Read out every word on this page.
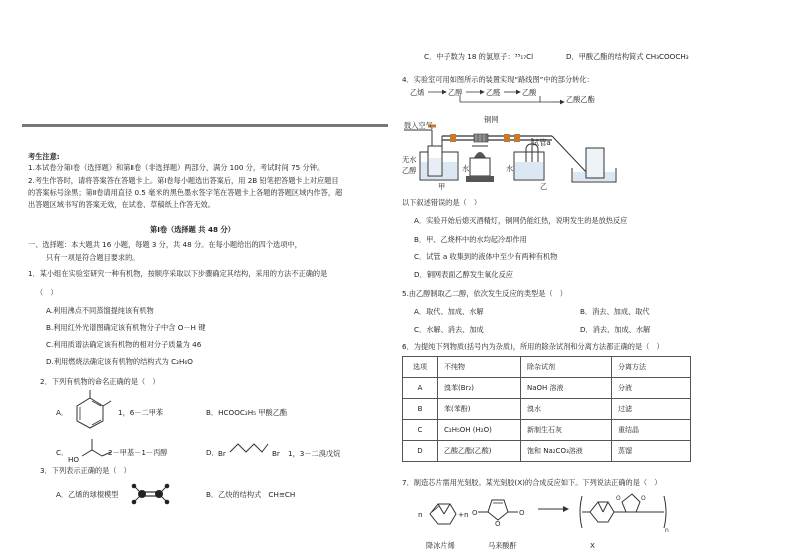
考生注意:
1.本试卷分第Ⅰ卷（选择题）和第Ⅱ卷（非选择题）两部分，满分 100 分，考试时间 75 分钟。
2.考生作答时，请将答案答在答题卡上。第Ⅰ卷每小题选出答案后，用 2B 铅笔把答题卡上对应题目
的答案标号涂黑；第Ⅱ卷请用直径 0.5 毫米的黑色墨水签字笔在答题卡上各题的答题区域内作答，超
出答题区域书写的答案无效，在试卷、草稿纸上作答无效。
第Ⅰ卷（选择题 共 48 分）
一、选择题：本大题共 16 小题，每题 3 分，共 48 分。在每小题给出的四个选项中，
只有一项是符合题目要求的。
1．某小组在实验室研究一种有机物，按顺序采取以下步骤确定其结构，采用的方法不正确的是
（　）
A.利用沸点不同蒸馏提纯该有机物
B.利用红外光谱图确定该有机物分子中含 O－H 键
C.利用质谱法确定该有机物的相对分子质量为 46
D.利用燃烧法确定该有机物的结构式为 C₂H₆O
2．下列有机物的命名正确的是（　）
A．	1，6－二甲苯	B．HCOOC₂H₅ 甲酸乙酯
C．
HO
2－甲基－1－丙醇	D． Br	Br 1，3－二溴戊烷
3．下列表示正确的是（　）
A．乙烯的球棍模型	B．乙炔的结构式　CH≡CH
C．中子数为 18 的氯原子：³⁵₁₇Cl	D．甲酸乙酯的结构简式 CH₃COOCH₃
4．实验室可用如图所示的装置实现“路线图”中的部分转化：
乙烯	乙醇	乙醛	乙酸
乙酸乙酯
鼓入空气
铜网
试管a
无水
乙醇	水	水
甲	乙
以下叙述错误的是（　）
A．实验开始后熄灭酒精灯，铜网仍能红热，说明发生的是放热反应
B．甲、乙烧杯中的水均起冷却作用
C．试管 a 收集到的液体中至少有两种有机物
D．铜网表面乙醇发生氧化反应
5.由乙醇制取乙二醇，依次发生反应的类型是（　）
A．取代、加成、水解	B．消去、加成、取代
C．水解、消去、加成	D．消去、加成、水解
6．为提纯下列物质(括号内为杂质)，所用的除杂试剂和分离方法都正确的是（　）
选项	不纯物	除杂试剂	分离方法
A	溴苯(Br₂)	NaOH 溶液	分液
B	苯(苯酚)	溴水	过滤
C	C₂H₅OH (H₂O)	新制生石灰	重结晶
D	乙酸乙酯(乙酸)	饱和 Na₂CO₃溶液	蒸馏
7．制造芯片需用光刻胶。某光刻胶(X)的合成反应如下。下列说法正确的是（　）
n	+n O	O
O
O	O
n
降冰片烯	马来酸酐	X
